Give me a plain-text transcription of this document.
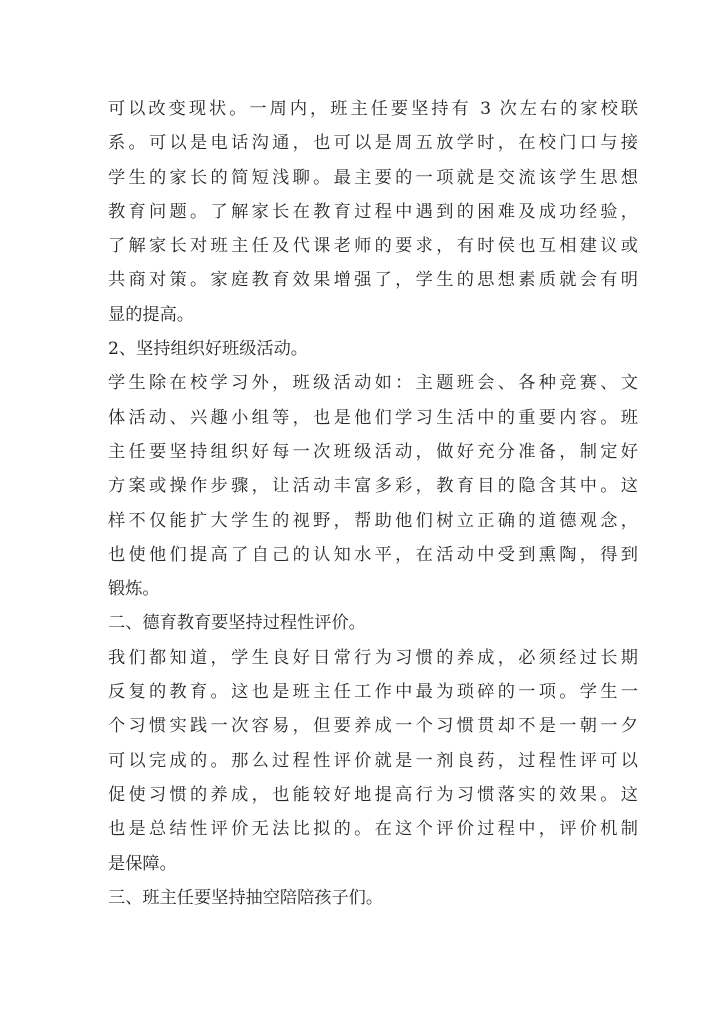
可以改变现状。一周内，班主任要坚持有 3 次左右的家校联
系。可以是电话沟通，也可以是周五放学时，在校门口与接
学生的家长的简短浅聊。最主要的一项就是交流该学生思想
教育问题。了解家长在教育过程中遇到的困难及成功经验，
了解家长对班主任及代课老师的要求，有时侯也互相建议或
共商对策。家庭教育效果增强了，学生的思想素质就会有明
显的提高。
2、坚持组织好班级活动。
学生除在校学习外，班级活动如：主题班会、各种竞赛、文
体活动、兴趣小组等，也是他们学习生活中的重要内容。班
主任要坚持组织好每一次班级活动，做好充分准备，制定好
方案或操作步骤，让活动丰富多彩，教育目的隐含其中。这
样不仅能扩大学生的视野，帮助他们树立正确的道德观念，
也使他们提高了自己的认知水平，在活动中受到熏陶，得到
锻炼。
二、德育教育要坚持过程性评价。
我们都知道，学生良好日常行为习惯的养成，必须经过长期
反复的教育。这也是班主任工作中最为琐碎的一项。学生一
个习惯实践一次容易，但要养成一个习惯贯却不是一朝一夕
可以完成的。那么过程性评价就是一剂良药，过程性评可以
促使习惯的养成，也能较好地提高行为习惯落实的效果。这
也是总结性评价无法比拟的。在这个评价过程中，评价机制
是保障。
三、班主任要坚持抽空陪陪孩子们。
